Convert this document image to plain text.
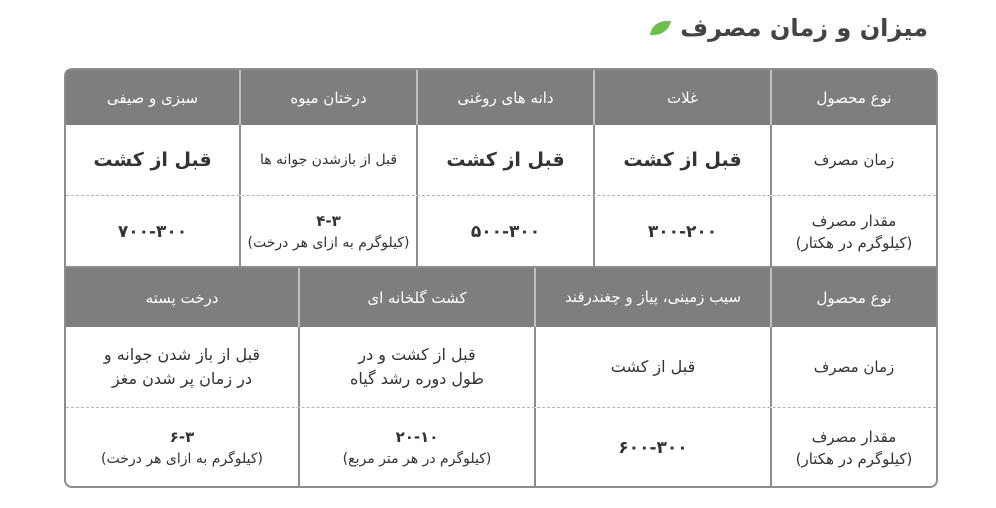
میزان و زمان مصرف
نوع محصول
غلات
دانه های روغنی
درختان میوه
سبزی و صیفی
زمان مصرف
قبل از کشت
قبل از کشت
قبل از بازشدن جوانه ها
قبل از کشت
مقدار مصرف
(کیلوگرم در هکتار)
۳۰۰-۲۰۰
۵۰۰-۳۰۰
۴-۳
(کیلوگرم به ازای هر درخت)
۷۰۰-۳۰۰
نوع محصول
سیب زمینی، پیاز و چغندرقند
کشت گلخانه ای
درخت پسته
زمان مصرف
قبل از کشت
قبل از کشت و در طول دوره رشد گیاه
قبل از باز شدن جوانه و در زمان پر شدن مغز
مقدار مصرف
(کیلوگرم در هکتار)
۶۰۰-۳۰۰
۲۰-۱۰
(کیلوگرم در هر متر مربع)
۶-۳
(کیلوگرم به ازای هر درخت)
